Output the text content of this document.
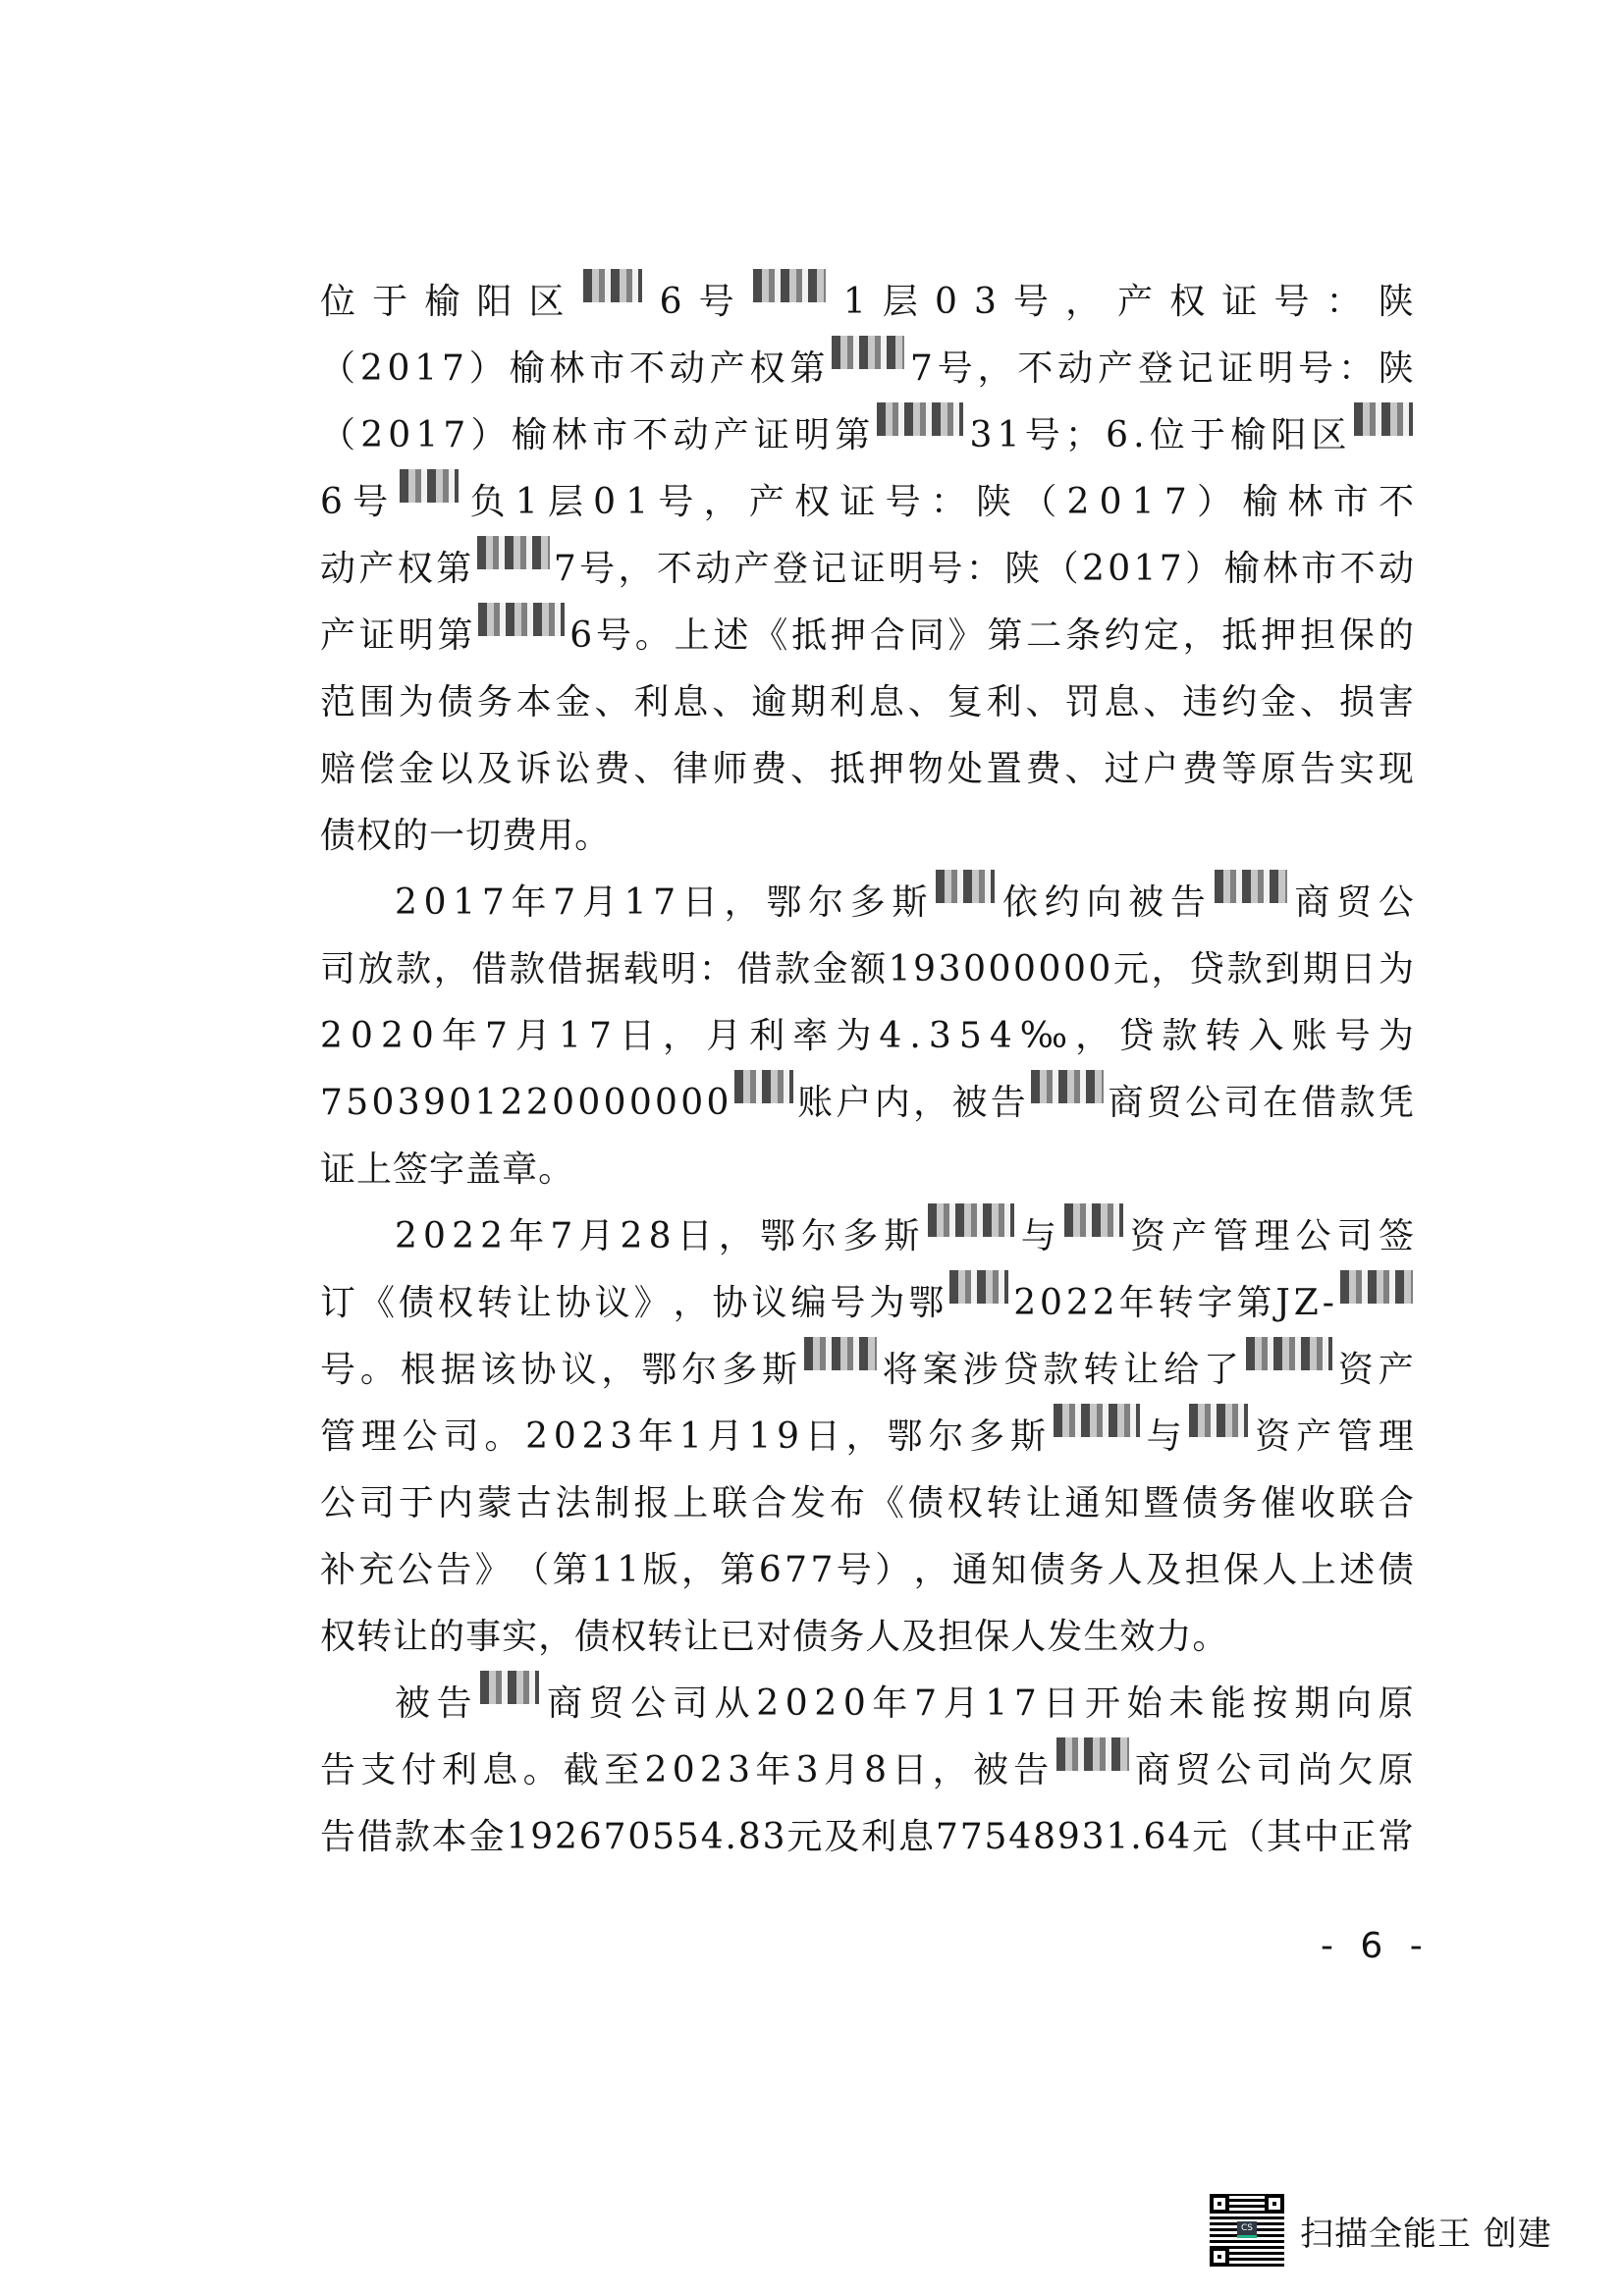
位 于 榆 阳 区	6 号	1 层 0 3 号 ， 产 权 证 号 ： 陕
（ 2 0 1 7 ） 榆 林 市 不 动 产 权 第 7 号 ， 不 动 产 登 记 证 明 号 ： 陕
（ 2 0 1 7 ） 榆 林 市 不 动 产 证 明 第	3 1 号 ； 6 . 位 于 榆 阳 区
6 号 负 1 层 0 1 号 ， 产 权 证 号 ： 陕 （ 2 0 1 7 ） 榆 林 市 不
动 产 权 第 7 号 ， 不 动 产 登 记 证 明 号 ： 陕 （ 2 0 1 7 ） 榆 林 市 不 动
产 证 明 第	6 号 。 上 述 《 抵 押 合 同 》 第 二 条 约 定 ， 抵 押 担 保 的
范 围 为 债 务 本 金 、 利 息 、 逾 期 利 息 、 复 利 、 罚 息 、 违 约 金 、 损 害
赔 偿 金 以 及 诉 讼 费 、 律 师 费 、 抵 押 物 处 置 费 、 过 户 费 等 原 告 实 现
债 权 的 一 切 费 用 。
2 0 1 7 年 7 月 1 7 日 ， 鄂 尔 多 斯 依 约 向 被 告 商 贸 公
司 放 款 ， 借 款 借 据 载 明 ： 借 款 金 额 1 9 3 0 0 0 0 0 0 元 ， 贷 款 到 期 日 为
2 0 2 0 年 7 月 1 7 日 ， 月 利 率 为 4 . 3 5 4 ‰ ， 贷 款 转 入 账 号 为
7 5 0 3 9 0 1 2 2 0 0 0 0 0 0 0 账 户 内 ， 被 告 商 贸 公 司 在 借 款 凭
证 上 签 字 盖 章 。
2 0 2 2 年 7 月 2 8 日 ， 鄂 尔 多 斯	与 资 产 管 理 公 司 签
订 《 债 权 转 让 协 议 》 ， 协 议 编 号 为 鄂 2 0 2 2 年 转 字 第 J Z -
号 。 根 据 该 协 议 ， 鄂 尔 多 斯 将 案 涉 贷 款 转 让 给 了	资 产
管 理 公 司 。 2 0 2 3 年 1 月 1 9 日 ， 鄂 尔 多 斯	与 资 产 管 理
公 司 于 内 蒙 古 法 制 报 上 联 合 发 布 《 债 权 转 让 通 知 暨 债 务 催 收 联 合
补 充 公 告 》 （ 第 1 1 版 ， 第 6 7 7 号 ） ， 通 知 债 务 人 及 担 保 人 上 述 债
权 转 让 的 事 实 ， 债 权 转 让 已 对 债 务 人 及 担 保 人 发 生 效 力 。
被 告 商 贸 公 司 从 2 0 2 0 年 7 月 1 7 日 开 始 未 能 按 期 向 原
告 支 付 利 息 。 截 至 2 0 2 3 年 3 月 8 日 ， 被 告 商 贸 公 司 尚 欠 原
告 借 款 本 金 1 9 2 6 7 0 5 5 4 . 8 3 元 及 利 息 7 7 5 4 8 9 3 1 . 6 4 元 （ 其 中 正 常
- 6 -
CS 扫描全能王 创建
